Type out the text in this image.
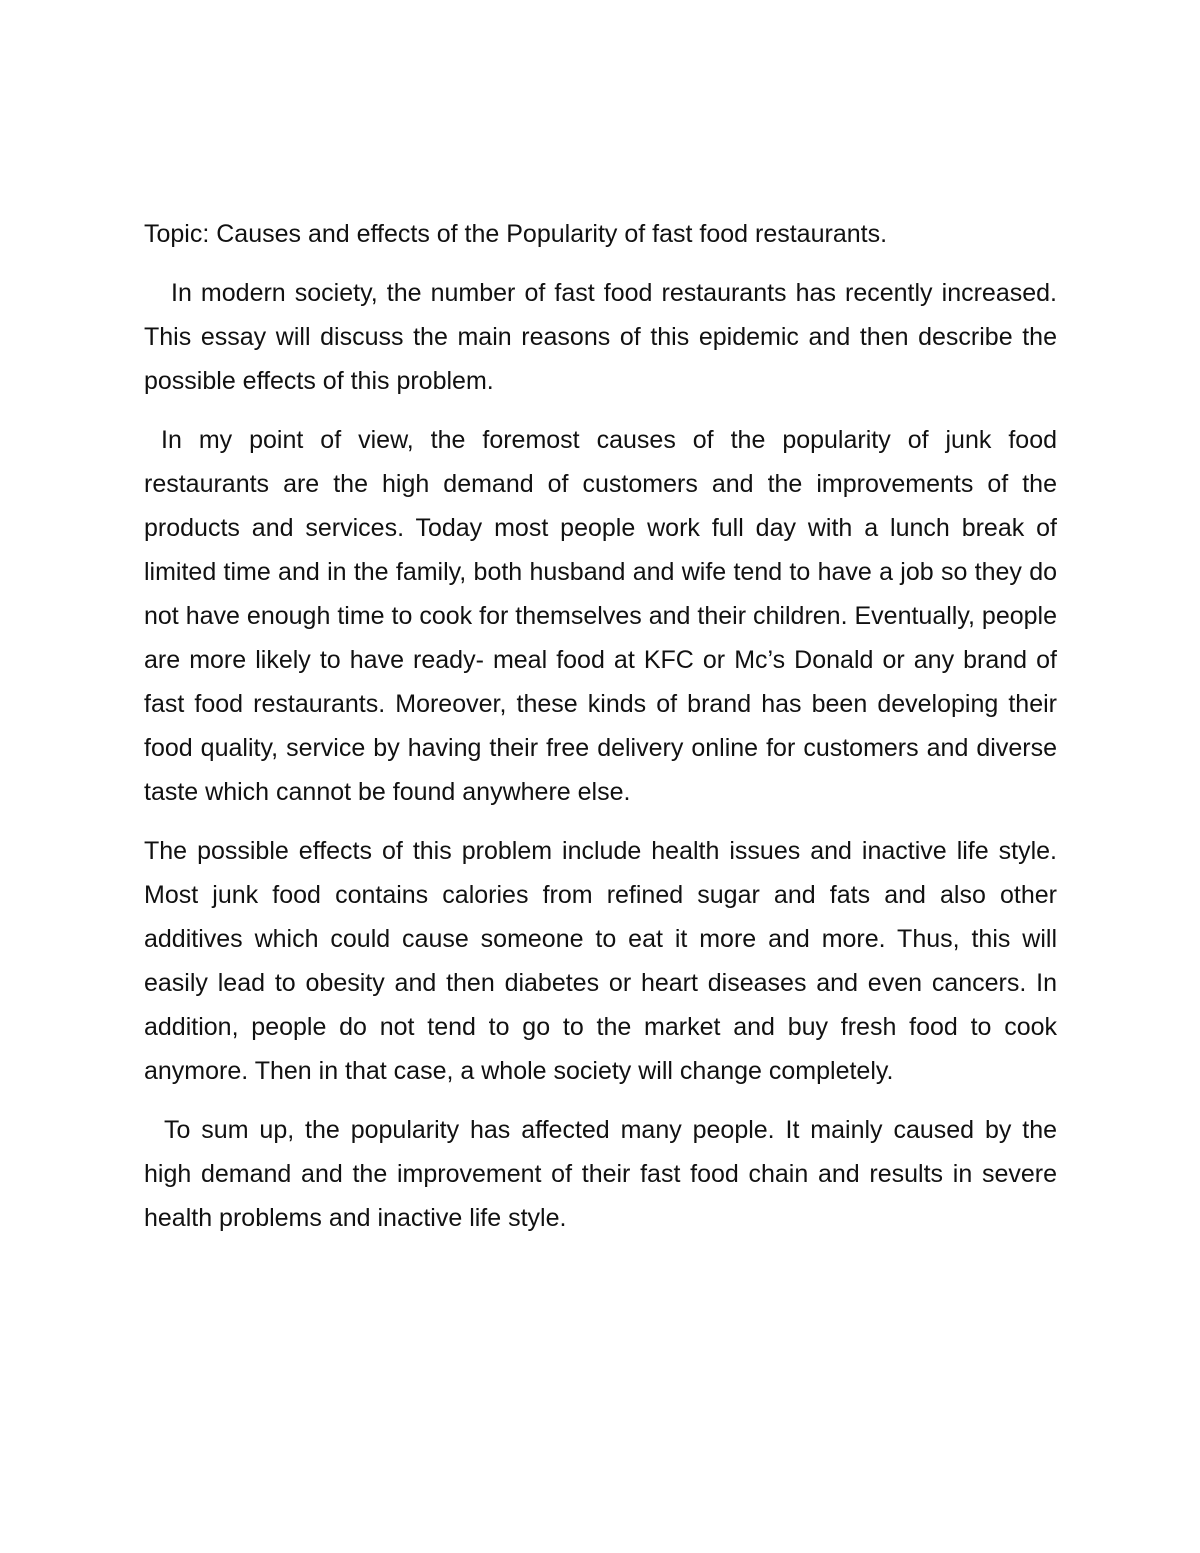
Topic: Causes and effects of the Popularity of fast food restaurants.

In modern society, the number of fast food restaurants has recently increased. This essay will discuss the main reasons of this epidemic and then describe the possible effects of this problem.

In my point of view, the foremost causes of the popularity of junk food restaurants are the high demand of customers and the improvements of the products and services. Today most people work full day with a lunch break of limited time and in the family, both husband and wife tend to have a job so they do not have enough time to cook for themselves and their children. Eventually, people are more likely to have ready- meal food at KFC or Mc’s Donald or any brand of fast food restaurants. Moreover, these kinds of brand has been developing their food quality, service by having their free delivery online for customers and diverse taste which cannot be found anywhere else.

The possible effects of this problem include health issues and inactive life style. Most junk food contains calories from refined sugar and fats and also other additives which could cause someone to eat it more and more. Thus, this will easily lead to obesity and then diabetes or heart diseases and even cancers. In addition, people do not tend to go to the market and buy fresh food to cook anymore. Then in that case, a whole society will change completely.

To sum up, the popularity has affected many people. It mainly caused by the high demand and the improvement of their fast food chain and results in severe health problems and inactive life style.
